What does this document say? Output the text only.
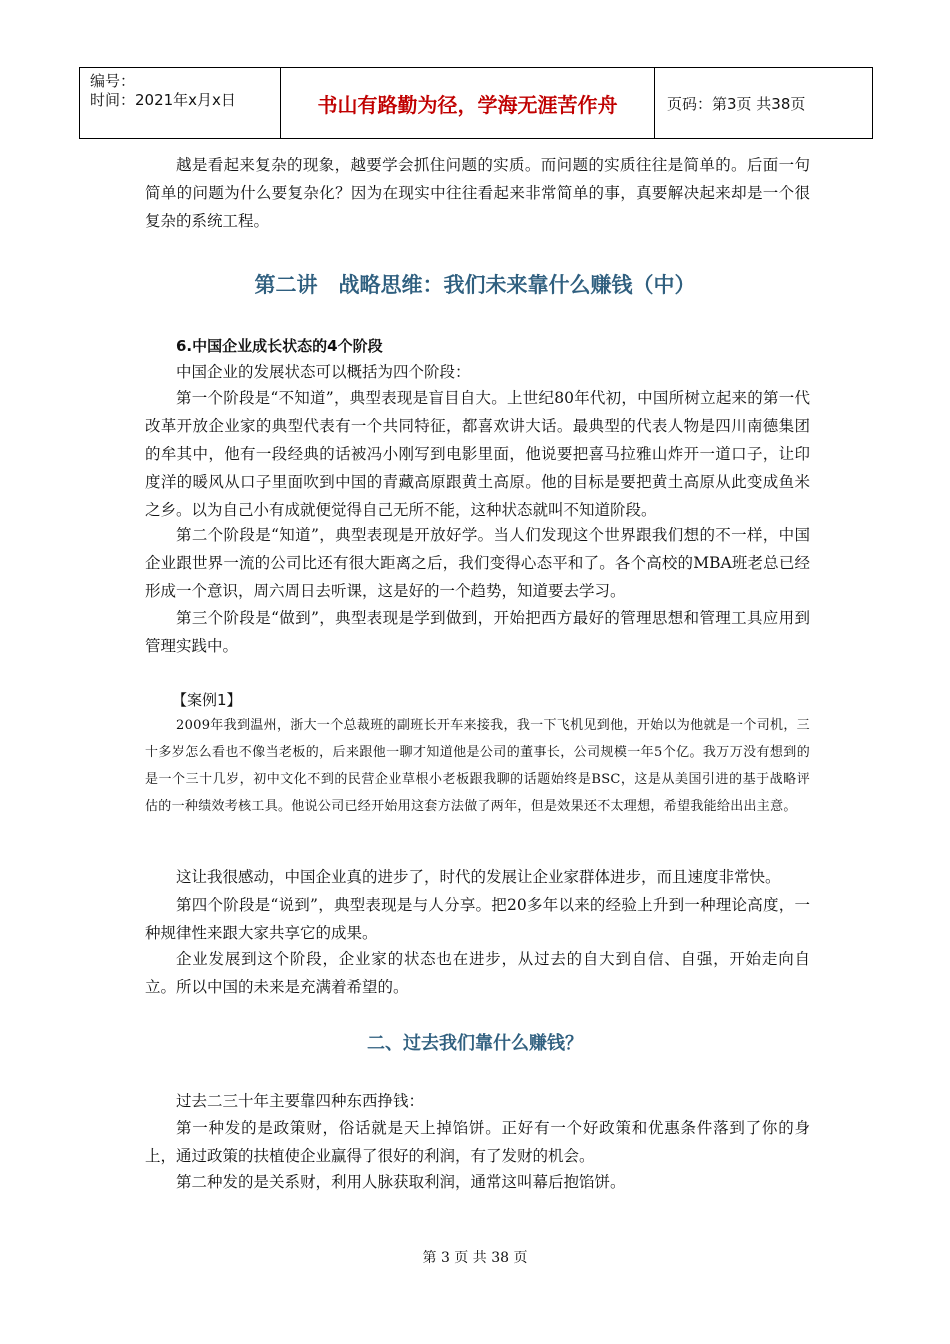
编号：
时间：2021年x月x日	书山有路勤为径，学海无涯苦作舟	页码：第3页 共38页

越是看起来复杂的现象，越要学会抓住问题的实质。而问题的实质往往是简单的。后面一句简单的问题为什么要复杂化？因为在现实中往往看起来非常简单的事，真要解决起来却是一个很复杂的系统工程。

第二讲　战略思维：我们未来靠什么赚钱（中）
6.中国企业成长状态的4个阶段

中国企业的发展状态可以概括为四个阶段：

第一个阶段是“不知道”，典型表现是盲目自大。上世纪80年代初，中国所树立起来的第一代改革开放企业家的典型代表有一个共同特征，都喜欢讲大话。最典型的代表人物是四川南德集团的牟其中，他有一段经典的话被冯小刚写到电影里面，他说要把喜马拉雅山炸开一道口子，让印度洋的暖风从口子里面吹到中国的青藏高原跟黄土高原。他的目标是要把黄土高原从此变成鱼米之乡。以为自己小有成就便觉得自己无所不能，这种状态就叫不知道阶段。

第二个阶段是“知道”，典型表现是开放好学。当人们发现这个世界跟我们想的不一样，中国企业跟世界一流的公司比还有很大距离之后，我们变得心态平和了。各个高校的MBA班老总已经形成一个意识，周六周日去听课，这是好的一个趋势，知道要去学习。

第三个阶段是“做到”，典型表现是学到做到，开始把西方最好的管理思想和管理工具应用到管理实践中。

【案例1】

2009年我到温州，浙大一个总裁班的副班长开车来接我，我一下飞机见到他，开始以为他就是一个司机，三十多岁怎么看也不像当老板的，后来跟他一聊才知道他是公司的董事长，公司规模一年5个亿。我万万没有想到的是一个三十几岁，初中文化不到的民营企业草根小老板跟我聊的话题始终是BSC，这是从美国引进的基于战略评估的一种绩效考核工具。他说公司已经开始用这套方法做了两年，但是效果还不太理想，希望我能给出出主意。

这让我很感动，中国企业真的进步了，时代的发展让企业家群体进步，而且速度非常快。

第四个阶段是“说到”，典型表现是与人分享。把20多年以来的经验上升到一种理论高度，一种规律性来跟大家共享它的成果。

企业发展到这个阶段，企业家的状态也在进步，从过去的自大到自信、自强，开始走向自立。所以中国的未来是充满着希望的。

二、过去我们靠什么赚钱？

过去二三十年主要靠四种东西挣钱：

第一种发的是政策财，俗话就是天上掉馅饼。正好有一个好政策和优惠条件落到了你的身上，通过政策的扶植使企业赢得了很好的利润，有了发财的机会。

第二种发的是关系财，利用人脉获取利润，通常这叫幕后抱馅饼。

第 3 页 共 38 页
